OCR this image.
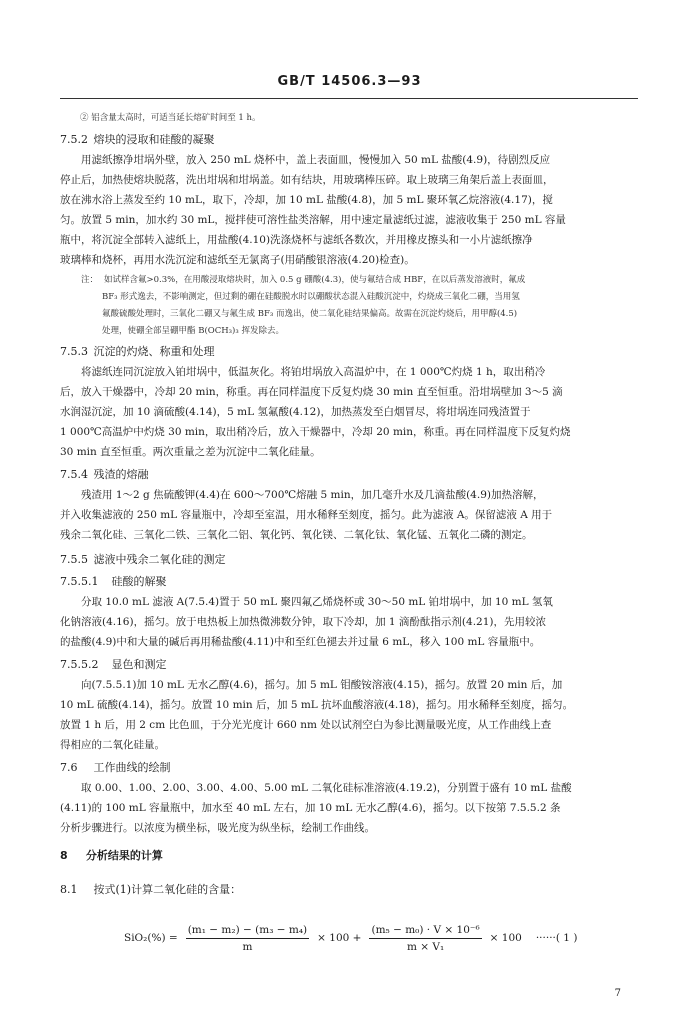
GB/T 14506.3—93

② 铝含量太高时，可适当延长熔矿时间至 1 h。

7.5.2 熔块的浸取和硅酸的凝聚

用滤纸擦净坩埚外壁，放入 250 mL 烧杯中，盖上表面皿，慢慢加入 50 mL 盐酸(4.9)，待剧烈反应

停止后，加热使熔块脱落，洗出坩埚和坩埚盖。如有结块，用玻璃棒压碎。取上玻璃三角架后盖上表面皿，

放在沸水浴上蒸发至约 10 mL，取下，冷却，加 10 mL 盐酸(4.8)，加 5 mL 聚环氧乙烷溶液(4.17)，搅

匀。放置 5 min，加水约 30 mL，搅拌使可溶性盐类溶解，用中速定量滤纸过滤，滤液收集于 250 mL 容量

瓶中，将沉淀全部转入滤纸上，用盐酸(4.10)洗涤烧杯与滤纸各数次，并用橡皮擦头和一小片滤纸擦净

玻璃棒和烧杯，再用水洗沉淀和滤纸至无氯离子(用硝酸银溶液(4.20)检查)。

注： 如试样含氟>0.3%，在用酸浸取熔块时，加入 0.5 g 硼酸(4.3)，使与氟结合成 HBF，在以后蒸发溶液时，氟成

BF₃ 形式逸去，不影响测定，但过剩的硼在硅酸脱水时以硼酸状态混入硅酸沉淀中，灼烧成三氧化二硼，当用氢

氟酸硫酸处理时，三氧化二硼又与氟生成 BF₃ 而逸出，使二氧化硅结果偏高。故需在沉淀灼烧后，用甲醇(4.5)

处理，使硼全部呈硼甲酯 B(OCH₃)₃ 挥发除去。

7.5.3 沉淀的灼烧、称重和处理

将滤纸连同沉淀放入铂坩埚中，低温灰化。将铂坩埚放入高温炉中，在 1 000℃灼烧 1 h，取出稍冷

后，放入干燥器中，冷却 20 min，称重。再在同样温度下反复灼烧 30 min 直至恒重。沿坩埚壁加 3～5 滴

水润湿沉淀，加 10 滴硫酸(4.14)，5 mL 氢氟酸(4.12)，加热蒸发至白烟冒尽，将坩埚连同残渣置于

1 000℃高温炉中灼烧 30 min，取出稍冷后，放入干燥器中，冷却 20 min，称重。再在同样温度下反复灼烧

30 min 直至恒重。两次重量之差为沉淀中二氧化硅量。

7.5.4 残渣的熔融

残渣用 1～2 g 焦硫酸钾(4.4)在 600～700℃熔融 5 min，加几毫升水及几滴盐酸(4.9)加热溶解，

并入收集滤液的 250 mL 容量瓶中，冷却至室温，用水稀释至刻度，摇匀。此为滤液 A。保留滤液 A 用于

残余二氧化硅、三氧化二铁、三氧化二铝、氧化钙、氧化镁、二氧化钛、氧化锰、五氧化二磷的测定。

7.5.5 滤液中残余二氧化硅的测定

7.5.5.1 硅酸的解聚

分取 10.0 mL 滤液 A(7.5.4)置于 50 mL 聚四氟乙烯烧杯或 30～50 mL 铂坩埚中，加 10 mL 氢氧

化钠溶液(4.16)，摇匀。放于电热板上加热微沸数分钟，取下冷却，加 1 滴酚酞指示剂(4.21)，先用较浓

的盐酸(4.9)中和大量的碱后再用稀盐酸(4.11)中和至红色褪去并过量 6 mL，移入 100 mL 容量瓶中。

7.5.5.2 显色和测定

向(7.5.5.1)加 10 mL 无水乙醇(4.6)，摇匀。加 5 mL 钼酸铵溶液(4.15)，摇匀。放置 20 min 后，加

10 mL 硫酸(4.14)，摇匀。放置 10 min 后，加 5 mL 抗坏血酸溶液(4.18)，摇匀。用水稀释至刻度，摇匀。

放置 1 h 后，用 2 cm 比色皿，于分光光度计 660 nm 处以试剂空白为参比测量吸光度，从工作曲线上查

得相应的二氧化硅量。

7.6 工作曲线的绘制

取 0.00、1.00、2.00、3.00、4.00、5.00 mL 二氧化硅标准溶液(4.19.2)，分别置于盛有 10 mL 盐酸

(4.11)的 100 mL 容量瓶中，加水至 40 mL 左右，加 10 mL 无水乙醇(4.6)，摇匀。以下按第 7.5.5.2 条

分析步骤进行。以浓度为横坐标，吸光度为纵坐标，绘制工作曲线。

8 分析结果的计算

8.1 按式(1)计算二氧化硅的含量：

$SiO_2(\%) = \frac{\text{(m₁ − m₂) − (m₃ − m₄)}}{m} \times 100 + \frac{\text{(m₅ − m₀) · V × 10⁻⁶}}{\text{m × V₁}} \times 100$ ······( 1 )
7
